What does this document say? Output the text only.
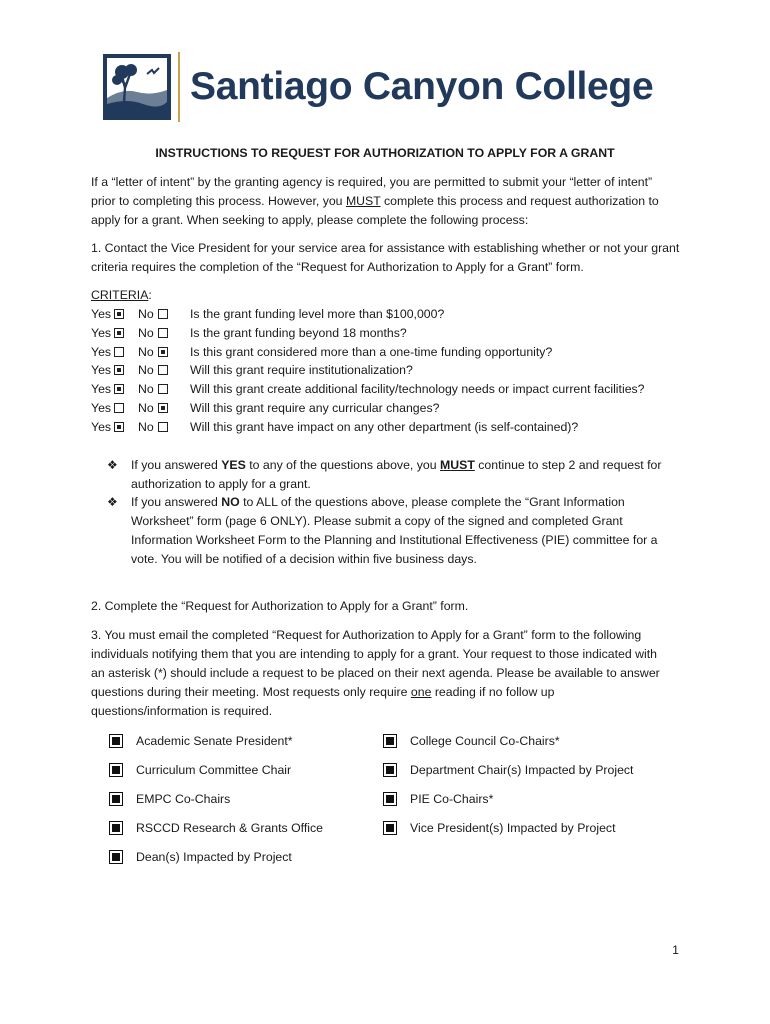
Santiago Canyon College
INSTRUCTIONS TO REQUEST FOR AUTHORIZATION TO APPLY FOR A GRANT
If a “letter of intent” by the granting agency is required, you are permitted to submit your “letter of intent”
prior to completing this process. However, you MUST complete this process and request authorization to
apply for a grant. When seeking to apply, please complete the following process:
1. Contact the Vice President for your service area for assistance with establishing whether or not your grant
criteria requires the completion of the “Request for Authorization to Apply for a Grant” form.
CRITERIA:
Yes No	Is the grant funding level more than $100,000?
Yes No	Is the grant funding beyond 18 months?
Yes No	Is this grant considered more than a one-time funding opportunity?
Yes No	Will this grant require institutionalization?
Yes No	Will this grant create additional facility/technology needs or impact current facilities?
Yes No	Will this grant require any curricular changes?
Yes No	Will this grant have impact on any other department (is self-contained)?
❖ If you answered YES to any of the questions above, you MUST continue to step 2 and request for
authorization to apply for a grant.
❖ If you answered NO to ALL of the questions above, please complete the “Grant Information
Worksheet” form (page 6 ONLY). Please submit a copy of the signed and completed Grant
Information Worksheet Form to the Planning and Institutional Effectiveness (PIE) committee for a
vote. You will be notified of a decision within five business days.
2. Complete the “Request for Authorization to Apply for a Grant” form.
3. You must email the completed “Request for Authorization to Apply for a Grant” form to the following
individuals notifying them that you are intending to apply for a grant. Your request to those indicated with
an asterisk (*) should include a request to be placed on their next agenda. Please be available to answer
questions during their meeting. Most requests only require one reading if no follow up
questions/information is required.
Academic Senate President*
Curriculum Committee Chair
EMPC Co-Chairs
RSCCD Research & Grants Office
Dean(s) Impacted by Project
College Council Co-Chairs*
Department Chair(s) Impacted by Project
PIE Co-Chairs*
Vice President(s) Impacted by Project
1
